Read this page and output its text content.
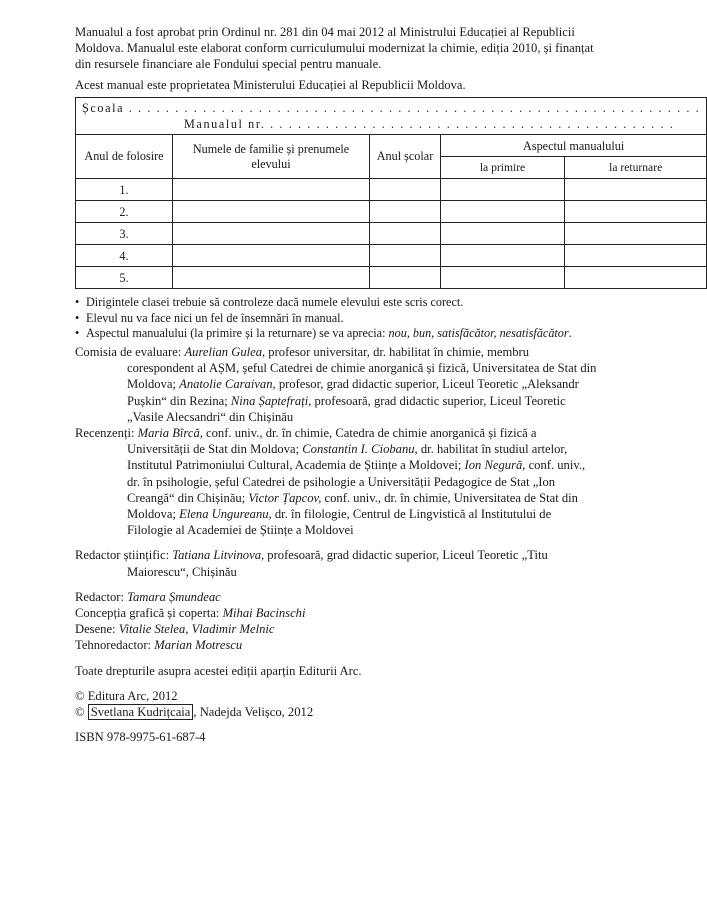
Manualul a fost aprobat prin Ordinul nr. 281 din 04 mai 2012 al Ministrului Educației al Republicii Moldova. Manualul este elaborat conform curriculumului modernizat la chimie, ediția 2010, și finanțat din resursele financiare ale Fondului special pentru manuale.

Acest manual este proprietatea Ministerului Educației al Republicii Moldova.

Școala . . . . . . . . . . . . . . . . . . . . . . . . . . . . . . . . . . . . . . . . . . . . . . . . . . . . . . . . . . . . . .
Manualul nr. . . . . . . . . . . . . . . . . . . . . . . . . . . . . . . . . . . . . . . . . . . . .				

Anul de folosire	Numele de familie și prenumele elevului	Anul școlar	Aspectul manualului	
			la primire	la returnare
1.				
2.				
3.				
4.				
5.				
• Dirigintele clasei trebuie să controleze dacă numele elevului este scris corect.
• Elevul nu va face nici un fel de însemnări în manual.
• Aspectul manualului (la primire și la returnare) se va aprecia: nou, bun, satisfăcător, nesatisfăcător.

Comisia de evaluare: Aurelian Gulea, profesor universitar, dr. habilitat în chimie, membru corespondent al AȘM, șeful Catedrei de chimie anorganică și fizică, Universitatea de Stat din Moldova; Anatolie Caraivan, profesor, grad didactic superior, Liceul Teoretic „Aleksandr Pușkin“ din Rezina; Nina Șaptefrați, profesoară, grad didactic superior, Liceul Teoretic „Vasile Alecsandri“ din Chișinău

Recenzenți: Maria Bîrcă, conf. univ., dr. în chimie, Catedra de chimie anorganică și fizică a Universității de Stat din Moldova; Constantin I. Ciobanu, dr. habilitat în studiul artelor, Institutul Patrimoniului Cultural, Academia de Științe a Moldovei; Ion Negură, conf. univ., dr. în psihologie, șeful Catedrei de psihologie a Universității Pedagogice de Stat „Ion Creangă“ din Chișinău; Victor Țapcov, conf. univ., dr. în chimie, Universitatea de Stat din Moldova; Elena Ungureanu, dr. în filologie, Centrul de Lingvistică al Institutului de Filologie al Academiei de Științe a Moldovei

Redactor științific: Tatiana Litvinova, profesoară, grad didactic superior, Liceul Teoretic „Titu Maiorescu“, Chișinău

Redactor: Tamara Șmundeac

Concepția grafică și coperta: Mihai Bacinschi

Desene: Vitalie Stelea, Vladimir Melnic

Tehnoredactor: Marian Motrescu

Toate drepturile asupra acestei ediții aparțin Editurii Arc.

© Editura Arc, 2012

© Svetlana Kudrițcaia , Nadejda Velișco, 2012

ISBN 978-9975-61-687-4
